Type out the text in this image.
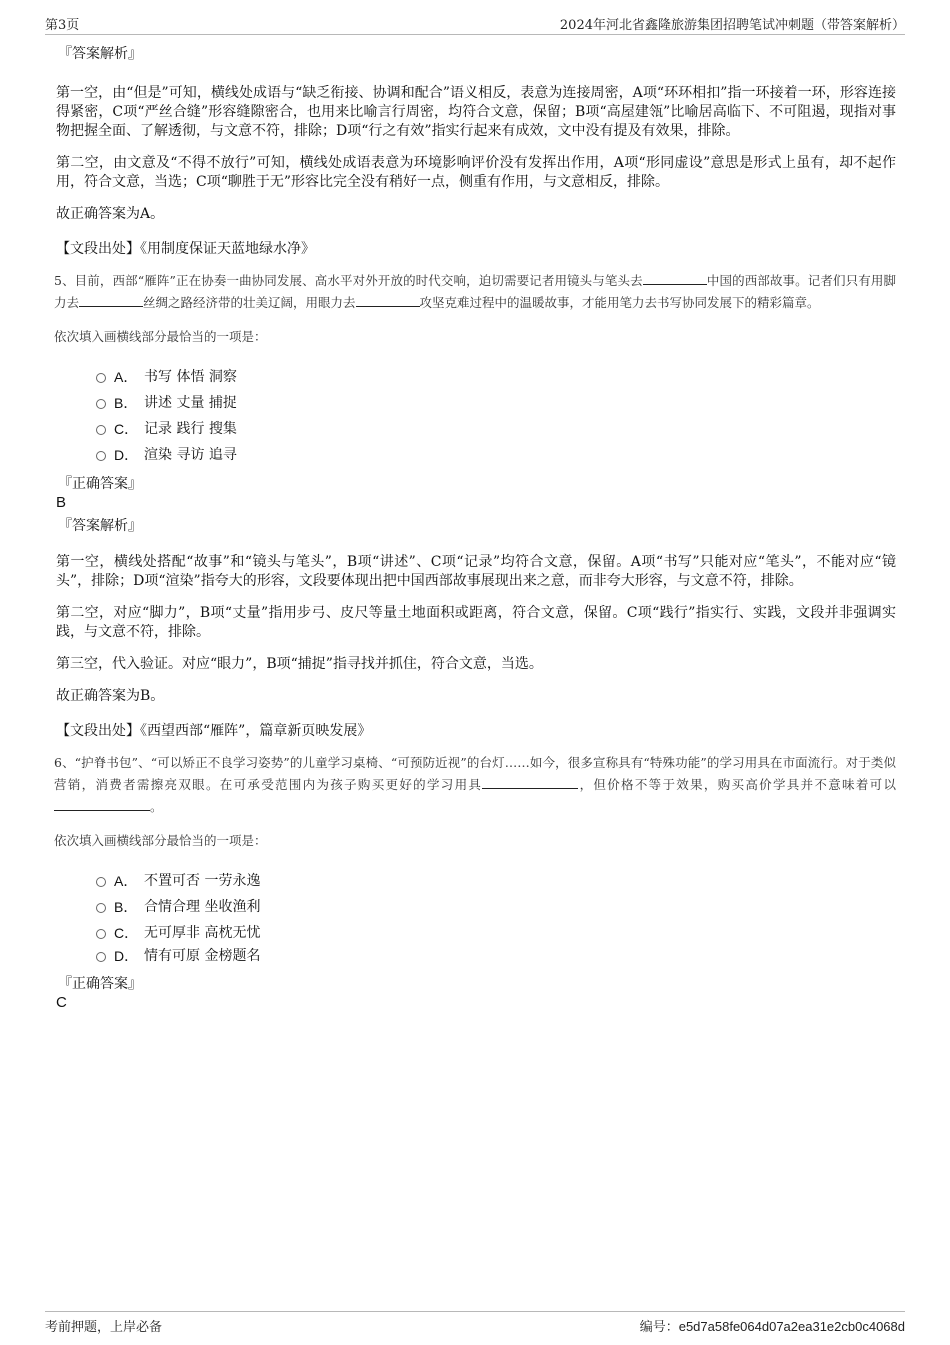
第3页	2024年河北省鑫隆旅游集团招聘笔试冲刺题（带答案解析）

『答案解析』

第一空，由“但是”可知，横线处成语与“缺乏衔接、协调和配合”语义相反，表意为连接周密，A项“环环相扣”指一环接着一环，形容连接得紧密，C项“严丝合缝”形容缝隙密合，也用来比喻言行周密，均符合文意，保留；B项“高屋建瓴”比喻居高临下、不可阻遏，现指对事物把握全面、了解透彻，与文意不符，排除；D项“行之有效”指实行起来有成效，文中没有提及有效果，排除。

第二空，由文意及“不得不放行”可知，横线处成语表意为环境影响评价没有发挥出作用，A项“形同虚设”意思是形式上虽有，却不起作用，符合文意，当选；C项“聊胜于无”形容比完全没有稍好一点，侧重有作用，与文意相反，排除。

故正确答案为A。

【文段出处】《用制度保证天蓝地绿水净》

5、目前，西部“雁阵”正在协奏一曲协同发展、高水平对外开放的时代交响，迫切需要记者用镜头与笔头去	中国的西部故事。记者们只有用脚力去	丝绸之路经济带的壮美辽阔，用眼力去	攻坚克难过程中的温暖故事，才能用笔力去书写协同发展下的精彩篇章。

依次填入画横线部分最恰当的一项是：

A． 书写 体悟 洞察
B． 讲述 丈量 捕捉
C． 记录 践行 搜集
D． 渲染 寻访 追寻

『正确答案』

B

『答案解析』

第一空，横线处搭配“故事”和“镜头与笔头”，B项“讲述”、C项“记录”均符合文意，保留。A项“书写”只能对应“笔头”，不能对应“镜头”，排除；D项“渲染”指夸大的形容，文段要体现出把中国西部故事展现出来之意，而非夸大形容，与文意不符，排除。

第二空，对应“脚力”，B项“丈量”指用步弓、皮尺等量土地面积或距离，符合文意，保留。C项“践行”指实行、实践，文段并非强调实践，与文意不符，排除。

第三空，代入验证。对应“眼力”，B项“捕捉”指寻找并抓住，符合文意，当选。

故正确答案为B。

【文段出处】《西望西部“雁阵”，篇章新页映发展》

6、“护脊书包”、“可以矫正不良学习姿势”的儿童学习桌椅、“可预防近视”的台灯……如今，很多宣称具有“特殊功能”的学习用具在市面流行。对于类似营销，消费者需擦亮双眼。在可承受范围内为孩子购买更好的学习用具	，但价格不等于效果，购买高价学具并不意味着可以。

依次填入画横线部分最恰当的一项是：

A． 不置可否 一劳永逸
B． 合情合理 坐收渔利
C． 无可厚非 高枕无忧
D． 情有可原 金榜题名

『正确答案』

C

考前押题，上岸必备	编号：e5d7a58fe064d07a2ea31e2cb0c4068d
